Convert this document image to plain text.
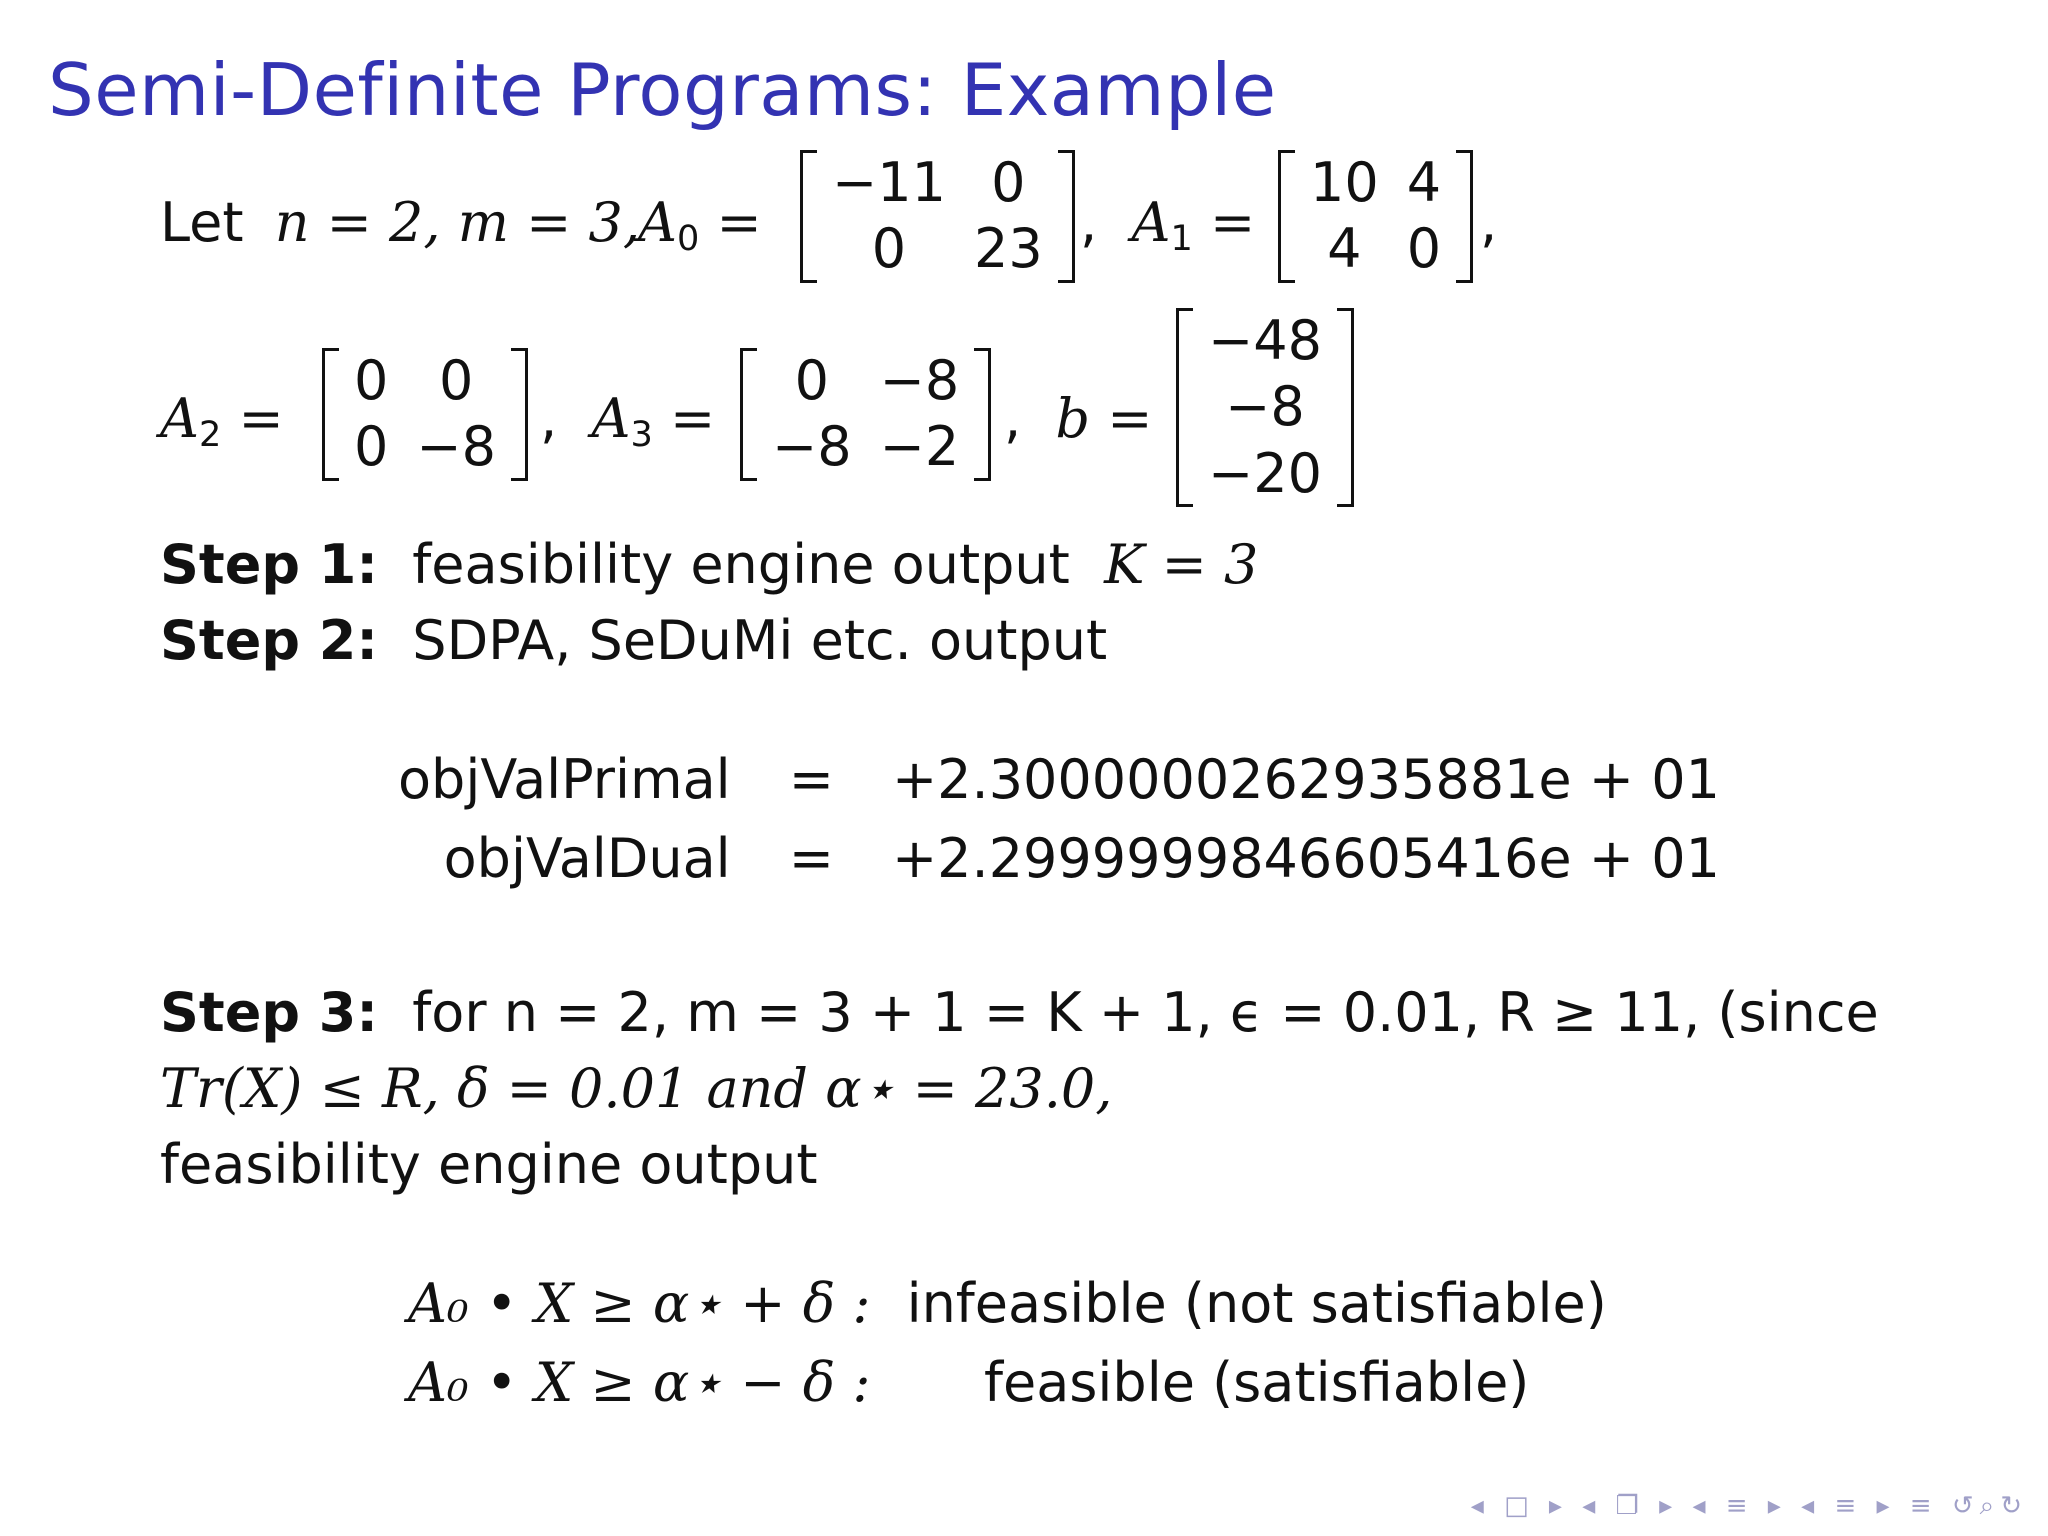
Semi-Definite Programs: Example
Let n = 2, m = 3,
$A_0$ =
−11	0
0	23 ,  $A_1$ =
10	4
4	0 ,
$A_2$ =
0	0
0	−8 ,  $A_3$ =
0	−8
−8	−2 ,  b =
−48
−8
−20
Step 1: feasibility engine output K = 3
Step 2: SDPA, SeDuMi etc. output
objValPrimal	=	+2.3000000262935881e + 01
objValDual	=	+2.2999999846605416e + 01
Step 3: for n = 2, m = 3 + 1 = K + 1, ϵ = 0.01, R ≥ 11, (since
Tr(X) ≤ R, δ = 0.01 and α⋆ = 23.0,
feasibility engine output
A₀ • X ≥ α⋆ + δ :	infeasible (not satisfiable)
A₀ • X ≥ α⋆ − δ :	feasible (satisfiable)
◂ □ ▸ ◂ ❐ ▸ ◂ ≡ ▸ ◂ ≡ ▸ ≡ ↺⌕↻
